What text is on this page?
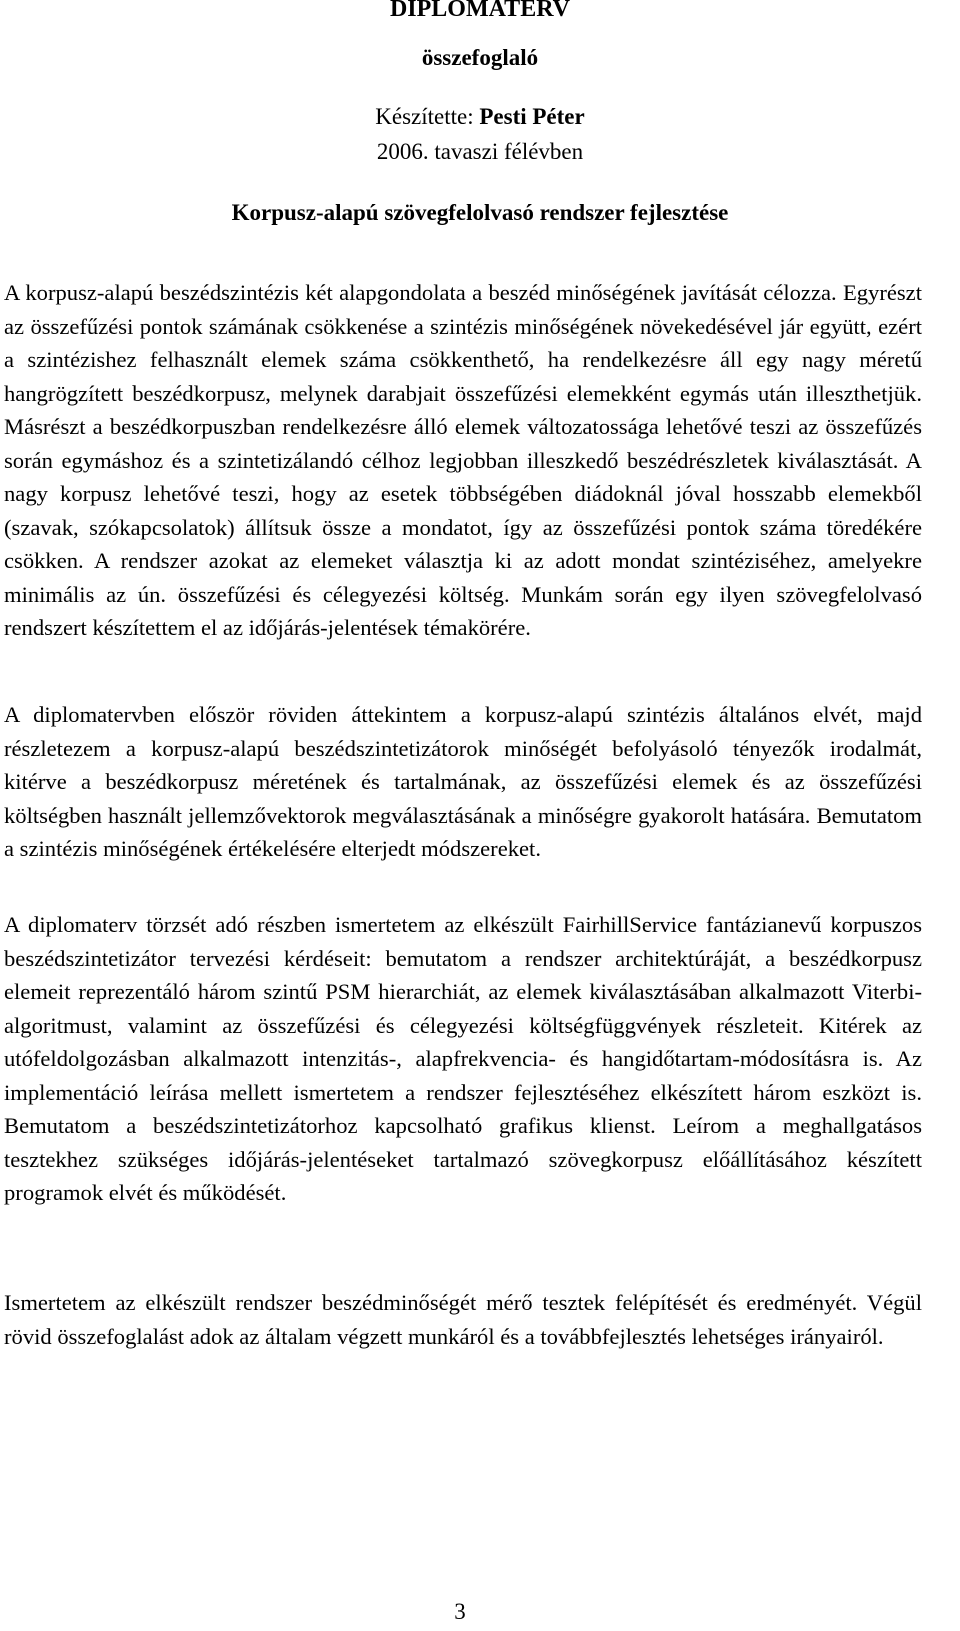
DIPLOMATERV
összefoglaló
Készítette: Pesti Péter
2006. tavaszi félévben
Korpusz-alapú szövegfelolvasó rendszer fejlesztése

A korpusz-alapú beszédszintézis két alapgondolata a beszéd minőségének javítását célozza. Egyrészt az összefűzési pontok számának csökkenése a szintézis minőségének növekedésével jár együtt, ezért a szintézishez felhasznált elemek száma csökkenthető, ha rendelkezésre áll egy nagy méretű hangrögzített beszédkorpusz, melynek darabjait összefűzési elemekként egymás után illeszthetjük. Másrészt a beszédkorpuszban rendelkezésre álló elemek változatossága lehetővé teszi az összefűzés során egymáshoz és a szintetizálandó célhoz legjobban illeszkedő beszédrészletek kiválasztását. A nagy korpusz lehetővé teszi, hogy az esetek többségében diádoknál jóval hosszabb elemekből (szavak, szókapcsolatok) állítsuk össze a mondatot, így az összefűzési pontok száma töredékére csökken. A rendszer azokat az elemeket választja ki az adott mondat szintéziséhez, amelyekre minimális az ún. összefűzési és célegyezési költség. Munkám során egy ilyen szövegfelolvasó rendszert készítettem el az időjárás-jelentések témakörére.

A diplomatervben először röviden áttekintem a korpusz-alapú szintézis általános elvét, majd részletezem a korpusz-alapú beszédszintetizátorok minőségét befolyásoló tényezők irodalmát, kitérve a beszédkorpusz méretének és tartalmának, az összefűzési elemek és az összefűzési költségben használt jellemzővektorok megválasztásának a minőségre gyakorolt hatására. Bemutatom a szintézis minőségének értékelésére elterjedt módszereket.

A diplomaterv törzsét adó részben ismertetem az elkészült FairhillService fantázianevű korpuszos beszédszintetizátor tervezési kérdéseit: bemutatom a rendszer architektúráját, a beszédkorpusz elemeit reprezentáló három szintű PSM hierarchiát, az elemek kiválasztásában alkalmazott Viterbi-algoritmust, valamint az összefűzési és célegyezési költségfüggvények részleteit. Kitérek az utófeldolgozásban alkalmazott intenzitás-, alapfrekvencia- és hangidőtartam-módosításra is. Az implementáció leírása mellett ismertetem a rendszer fejlesztéséhez elkészített három eszközt is. Bemutatom a beszédszintetizátorhoz kapcsolható grafikus klienst. Leírom a meghallgatásos tesztekhez szükséges időjárás-jelentéseket tartalmazó szövegkorpusz előállításához készített programok elvét és működését.

Ismertetem az elkészült rendszer beszédminőségét mérő tesztek felépítését és eredményét. Végül rövid összefoglalást adok az általam végzett munkáról és a továbbfejlesztés lehetséges irányairól.

3
